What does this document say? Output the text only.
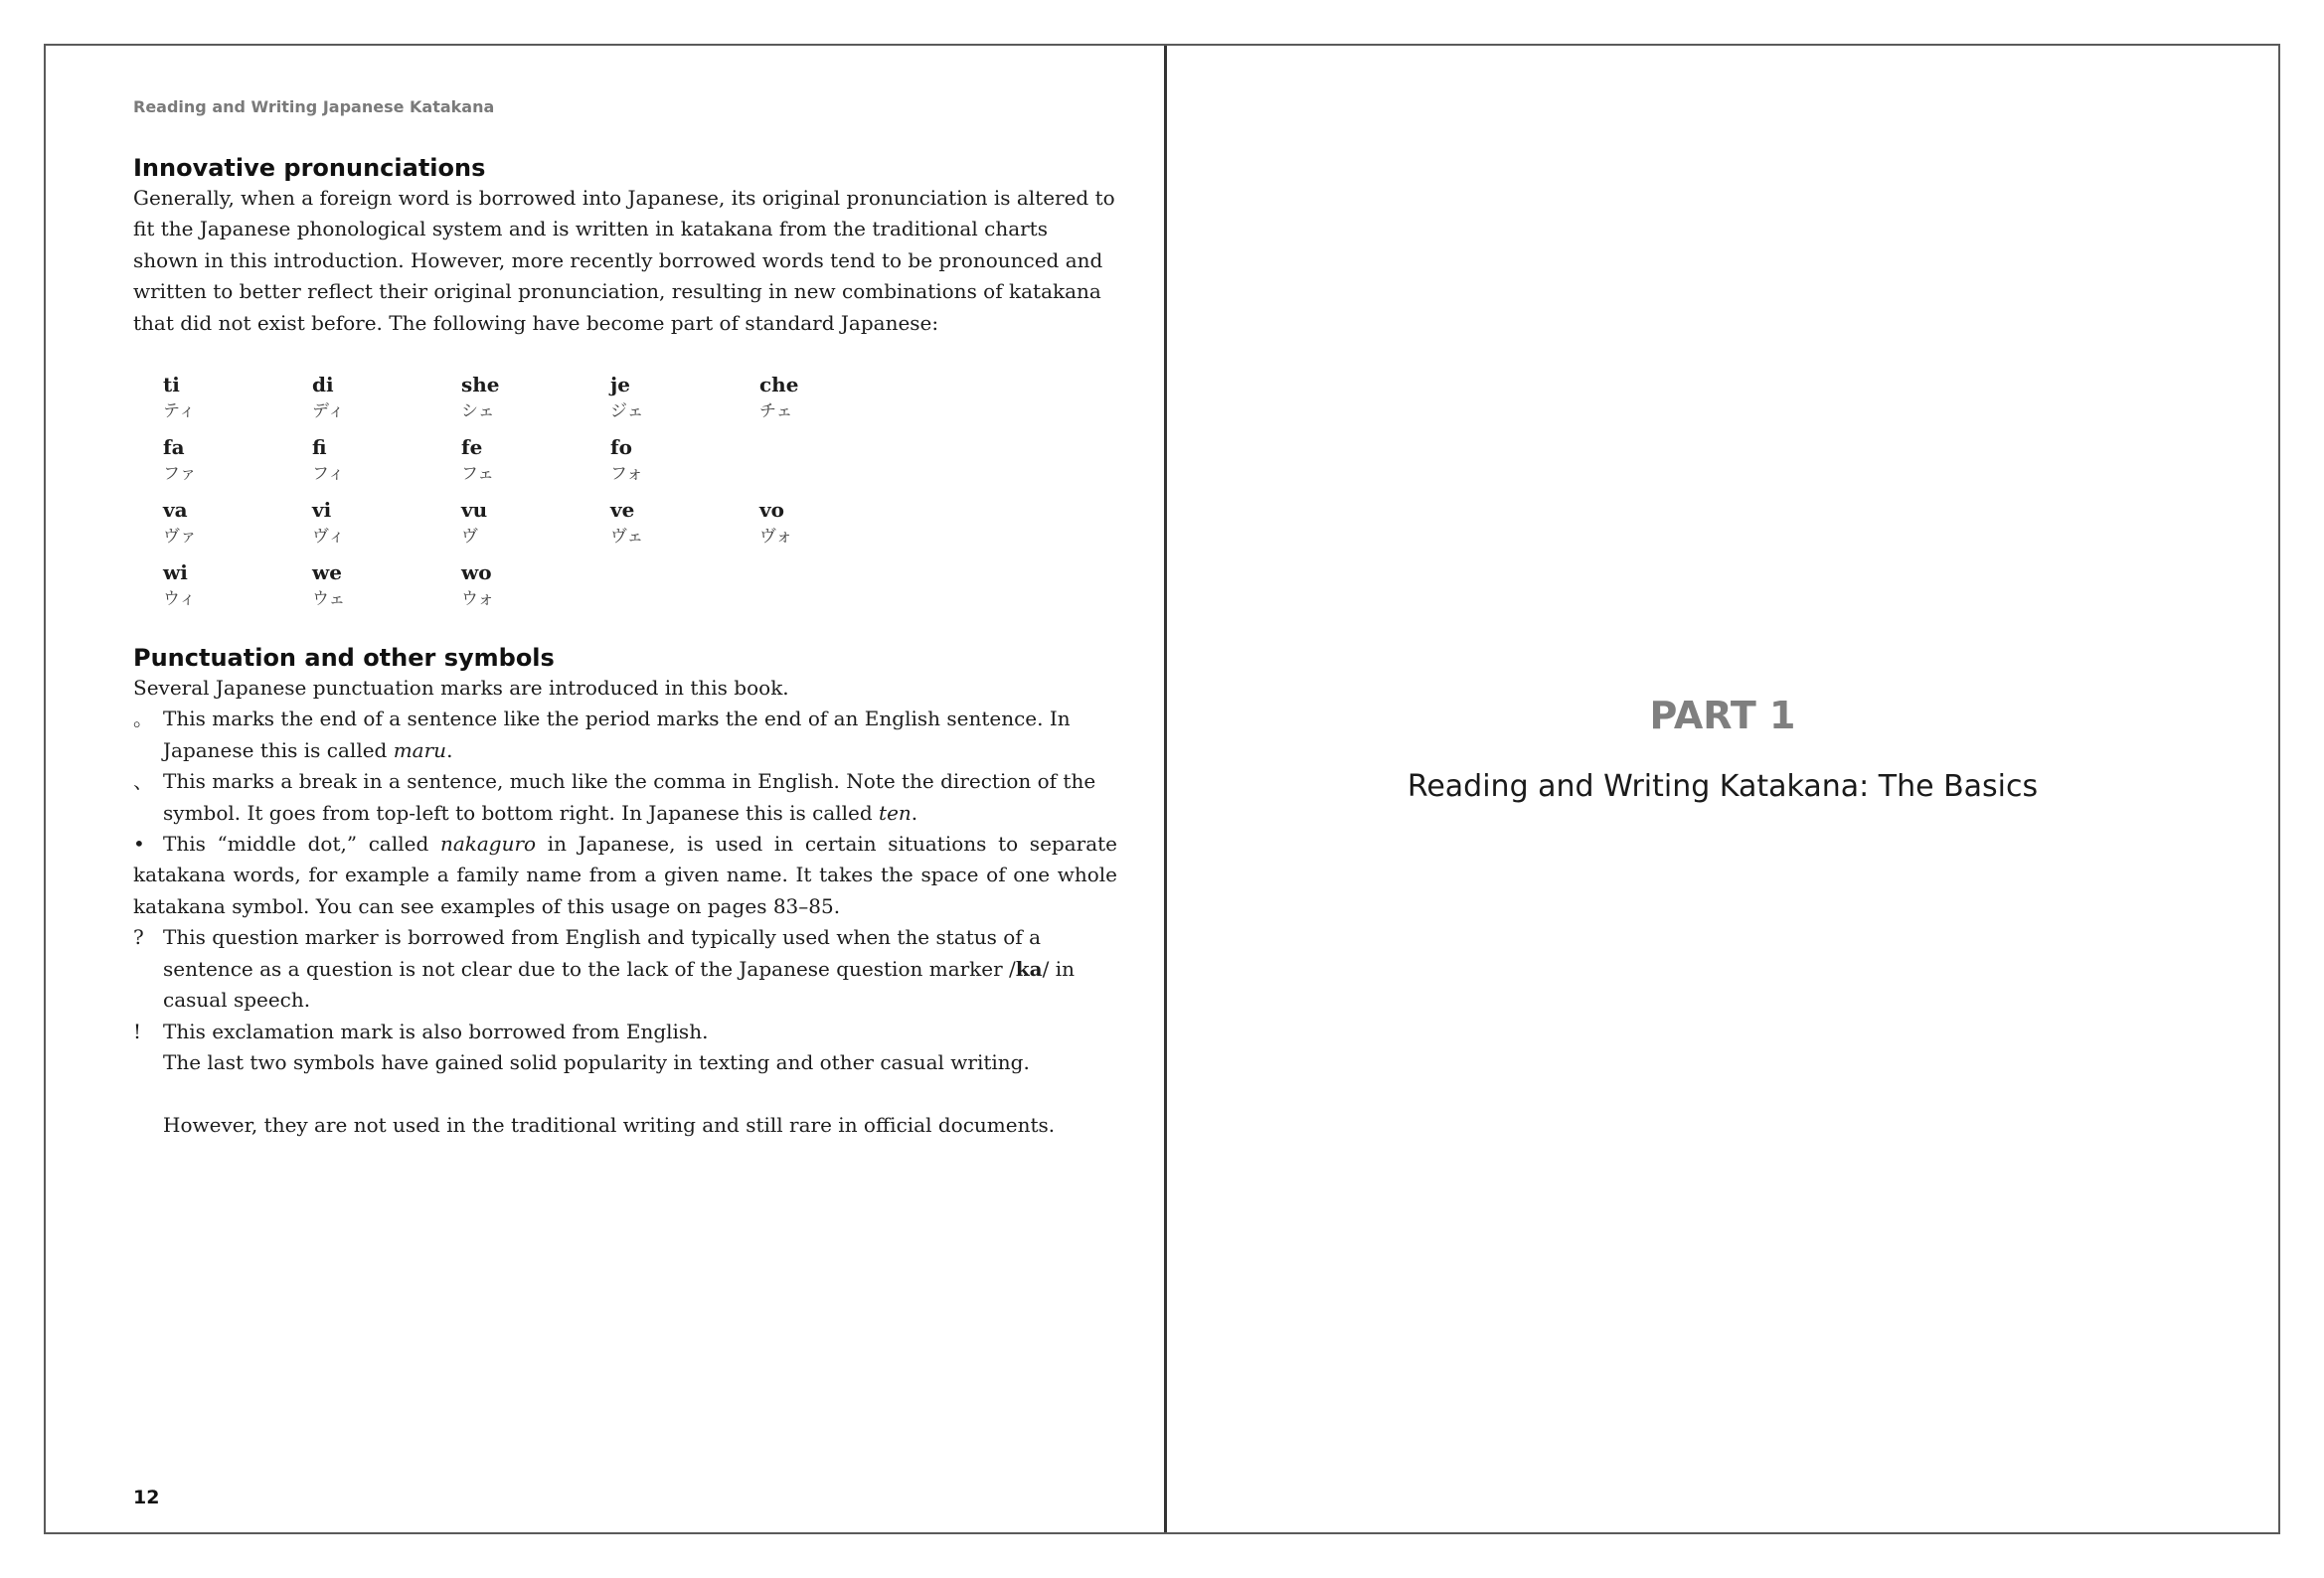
Reading and Writing Japanese Katakana
Innovative pronunciations

Generally, when a foreign word is borrowed into Japanese, its original pronunciation is altered to fit the Japanese phonological system and is written in katakana from the traditional charts shown in this introduction. However, more recently borrowed words tend to be pronounced and written to better reflect their original pronunciation, resulting in new combinations of katakana that did not exist before. The following have become part of standard Japanese:

ti
ティ
di
ディ
she
シェ
je
ジェ
che
チェ
fa
ファ
fi
フィ
fe
フェ
fo
フォ
va
ヴァ
vi
ヴィ
vu
ヴ
ve
ヴェ
vo
ヴォ
wi
ウィ
we
ウェ
wo
ウォ
Punctuation and other symbols

Several Japanese punctuation marks are introduced in this book.

。 This marks the end of a sentence like the period marks the end of an English sentence. In Japanese this is called maru.
、 This marks a break in a sentence, much like the comma in English. Note the direction of the symbol. It goes from top-left to bottom right. In Japanese this is called ten.
• This “middle dot,” called nakaguro in Japanese, is used in certain situations to separate katakana words, for example a family name from a given name. It takes the space of one whole katakana symbol. You can see examples of this usage on pages 83–85.
? This question marker is borrowed from English and typically used when the status of a sentence as a question is not clear due to the lack of the Japanese question marker /ka/ in casual speech.
!	This exclamation mark is also borrowed from English.
The last two symbols have gained solid popularity in texting and other casual writing.
However, they are not used in the traditional writing and still rare in official documents.
12
PART 1
Reading and Writing Katakana: The Basics
